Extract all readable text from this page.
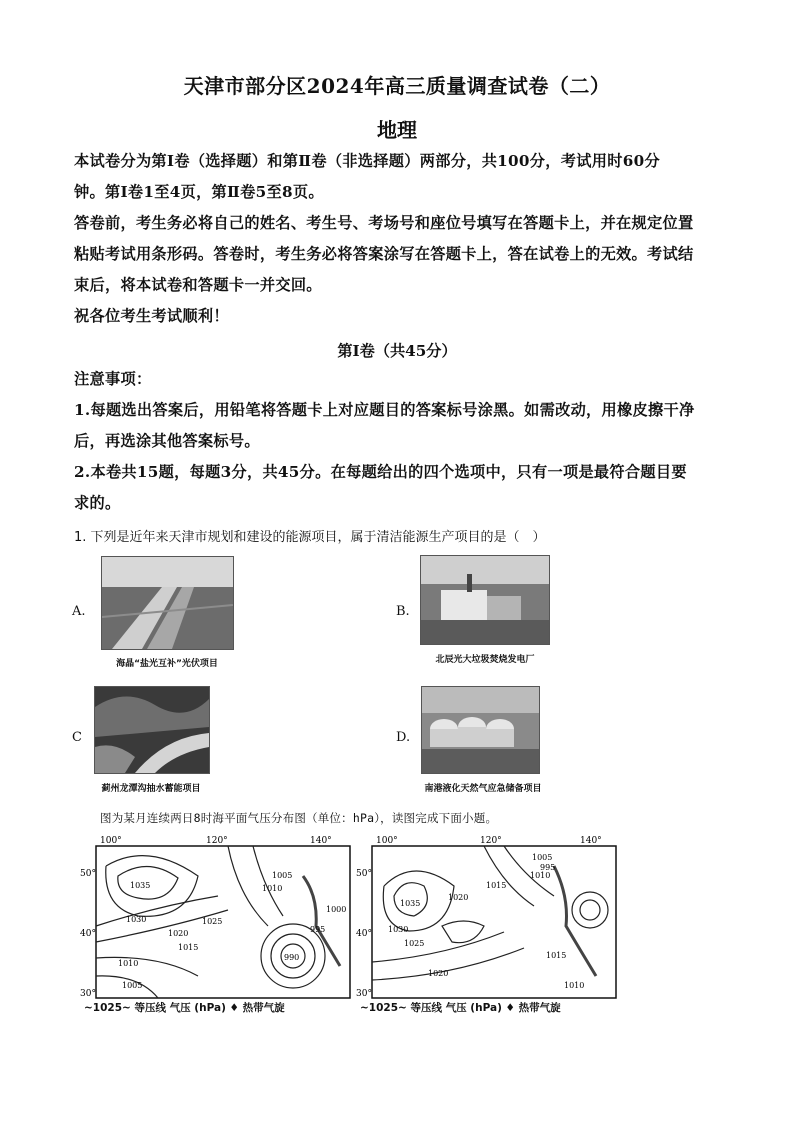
天津市部分区2024年高三质量调查试卷（二）
地理
本试卷分为第Ⅰ卷（选择题）和第Ⅱ卷（非选择题）两部分，共100分，考试用时60分
钟。第Ⅰ卷1至4页，第Ⅱ卷5至8页。
答卷前，考生务必将自己的姓名、考生号、考场号和座位号填写在答题卡上，并在规定位置
粘贴考试用条形码。答卷时，考生务必将答案涂写在答题卡上，答在试卷上的无效。考试结
束后，将本试卷和答题卡一并交回。
祝各位考生考试顺利！
第Ⅰ卷（共45分）
注意事项：
1.每题选出答案后，用铅笔将答题卡上对应题目的答案标号涂黑。如需改动，用橡皮擦干净
后，再选涂其他答案标号。
2.本卷共15题，每题3分，共45分。在每题给出的四个选项中，只有一项是最符合题目要
求的。
1. 下列是近年来天津市规划和建设的能源项目，属于清洁能源生产项目的是（　）
A.
海晶“盐光互补”光伏项目
B.
北辰光大垃圾焚烧发电厂
C
蓟州龙潭沟抽水蓄能项目
D.
南港液化天然气应急储备项目
图为某月连续两日8时海平面气压分布图（单位：hPa），读图完成下面小题。
100°	120°	140°
50°
40°
30°
1035
1030	1025
1020
1015
1010
1005
1010
1005
1000
995
990
~1025~ 等压线 气压 (hPa) ♦ 热带气旋
100°	120°	140°
50°
40°
30°
1030
1035
1025
1020
1015
1010
1005
995
1020
1015
1010
~1025~ 等压线 气压 (hPa) ♦ 热带气旋
